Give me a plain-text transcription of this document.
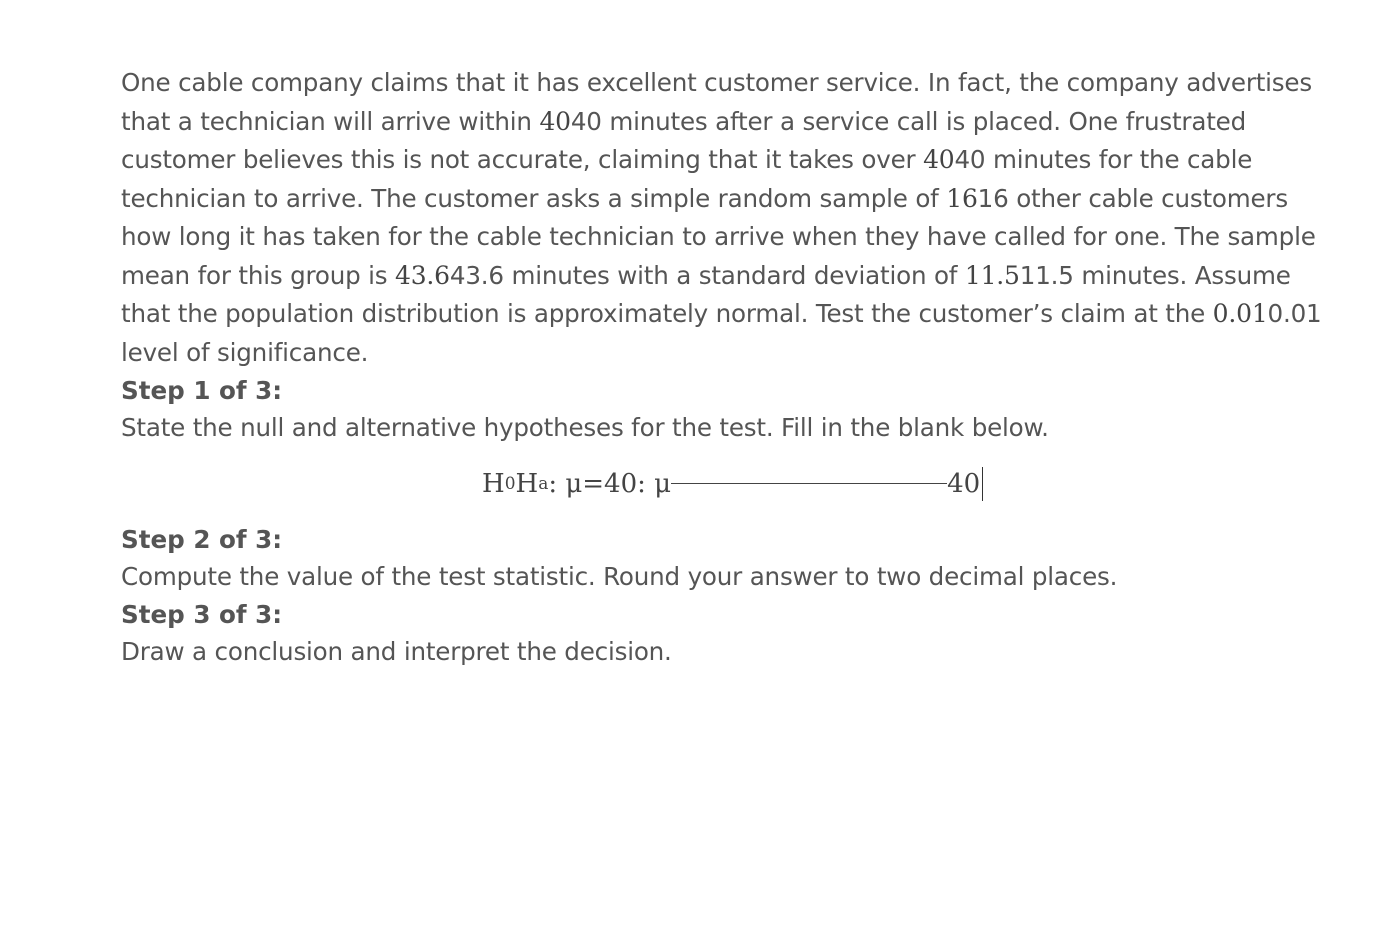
One cable company claims that it has excellent customer service. In fact, the company advertises that a technician will arrive within 4040 minutes after a service call is placed. One frustrated customer believes this is not accurate, claiming that it takes over 4040 minutes for the cable technician to arrive. The customer asks a simple random sample of 1616 other cable customers how long it has taken for the cable technician to arrive when they have called for one. The sample mean for this group is 43.643.6 minutes with a standard deviation of 11.511.5 minutes. Assume that the population distribution is approximately normal. Test the customer’s claim at the 0.010.01 level of significance.

Step 1 of 3:

State the null and alternative hypotheses for the test. Fill in the blank below.

H 0 H a : μ=40: μ	40

Step 2 of 3:

Compute the value of the test statistic. Round your answer to two decimal places.

Step 3 of 3:

Draw a conclusion and interpret the decision.
